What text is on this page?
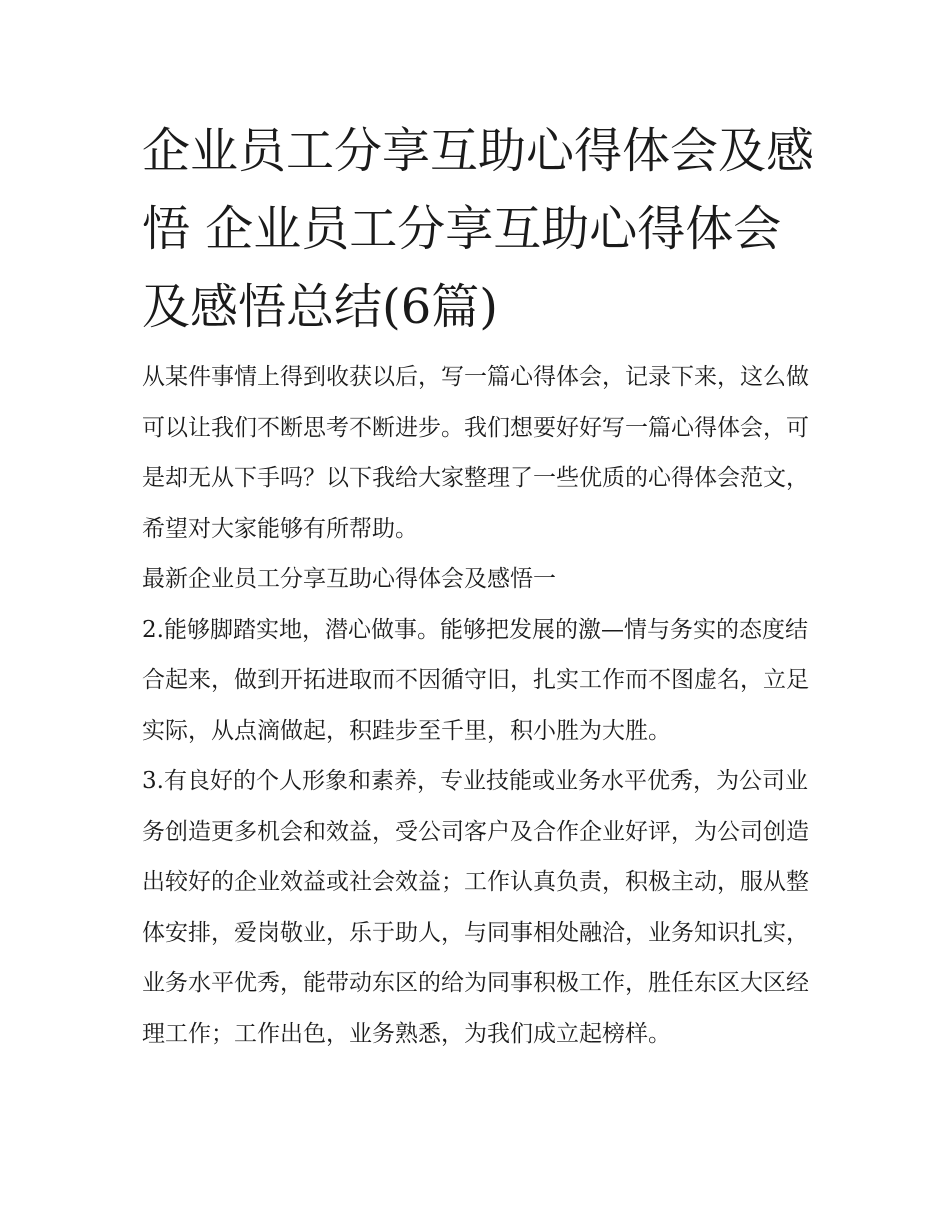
企业员工分享互助心得体会及感悟 企业员工分享互助心得体会及感悟总结(6篇)

从某件事情上得到收获以后，写一篇心得体会，记录下来，这么做可以让我们不断思考不断进步。我们想要好好写一篇心得体会，可是却无从下手吗？以下我给大家整理了一些优质的心得体会范文，希望对大家能够有所帮助。

最新企业员工分享互助心得体会及感悟一

2.能够脚踏实地，潜心做事。能够把发展的激—情与务实的态度结合起来，做到开拓进取而不因循守旧，扎实工作而不图虚名，立足实际，从点滴做起，积跬步至千里，积小胜为大胜。

3.有良好的个人形象和素养，专业技能或业务水平优秀，为公司业务创造更多机会和效益，受公司客户及合作企业好评，为公司创造出较好的企业效益或社会效益；工作认真负责，积极主动，服从整体安排，爱岗敬业，乐于助人，与同事相处融洽，业务知识扎实，业务水平优秀，能带动东区的给为同事积极工作，胜任东区大区经理工作；工作出色，业务熟悉，为我们成立起榜样。
